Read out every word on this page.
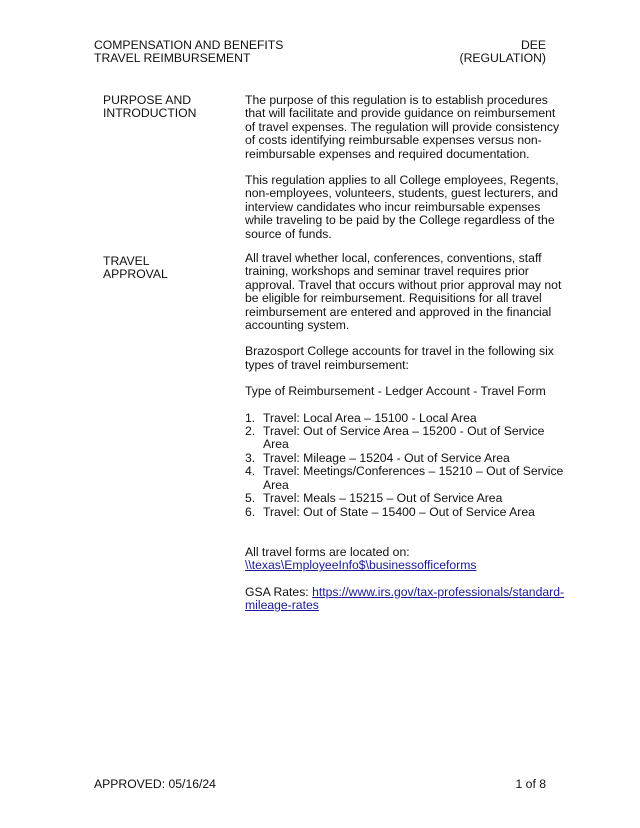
COMPENSATION AND BENEFITS
TRAVEL REIMBURSEMENT
DEE
(REGULATION)
PURPOSE AND
INTRODUCTION

The purpose of this regulation is to establish procedures that will facilitate and provide guidance on reimbursement of travel expenses. The regulation will provide consistency of costs identifying reimbursable expenses versus non-reimbursable expenses and required documentation.

This regulation applies to all College employees, Regents, non-employees, volunteers, students, guest lecturers, and interview candidates who incur reimbursable expenses while traveling to be paid by the College regardless of the source of funds.

TRAVEL
APPROVAL

All travel whether local, conferences, conventions, staff training, workshops and seminar travel requires prior approval. Travel that occurs without prior approval may not be eligible for reimbursement. Requisitions for all travel reimbursement are entered and approved in the financial accounting system.

Brazosport College accounts for travel in the following six types of travel reimbursement:

Type of Reimbursement - Ledger Account - Travel Form

1. Travel: Local Area – 15100 - Local Area
2. Travel: Out of Service Area – 15200 - Out of Service Area
3. Travel: Mileage – 15204 - Out of Service Area
4. Travel: Meetings/Conferences – 15210 – Out of Service Area
5. Travel: Meals – 15215 – Out of Service Area
6. Travel: Out of State – 15400 – Out of Service Area

All travel forms are located on:

\\texas\EmployeeInfo$\businessofficeforms

GSA Rates: https://www.irs.gov/tax-professionals/standard-mileage-rates

APPROVED: 05/16/24	1 of 8
